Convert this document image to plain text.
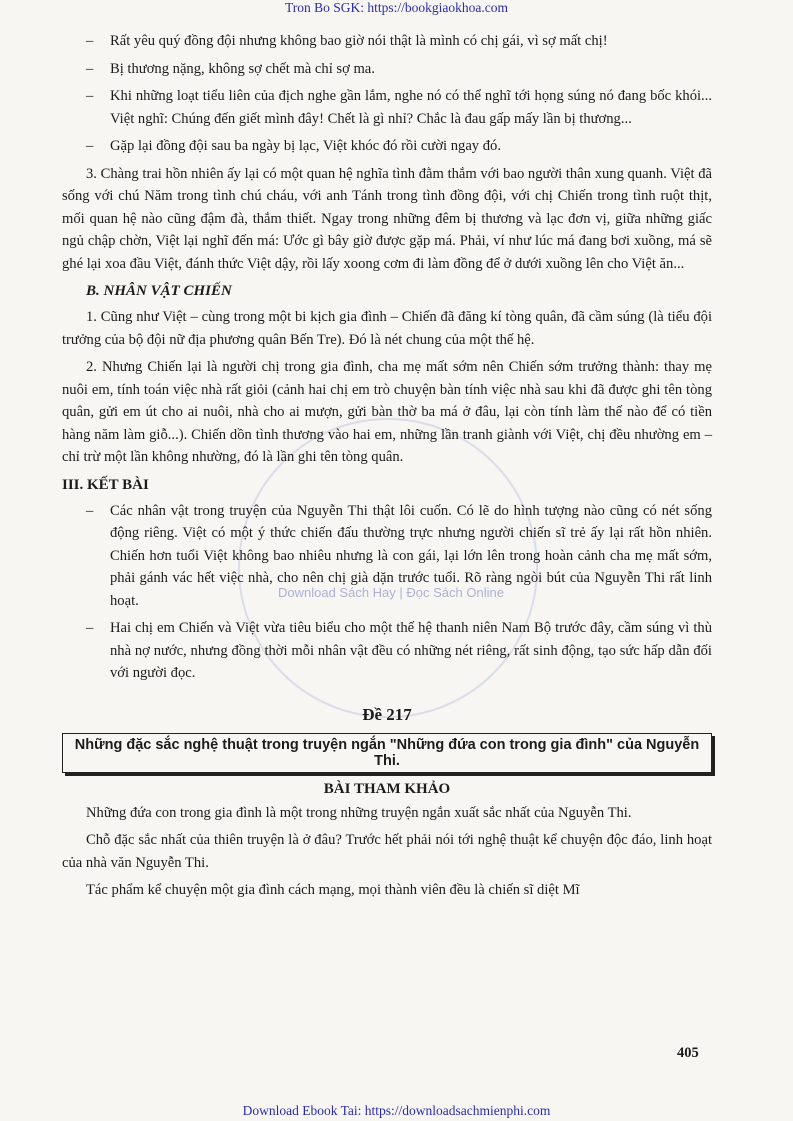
Tron Bo SGK: https://bookgiaokhoa.com
Download Sách Hay | Đọc Sách Online

– Rất yêu quý đồng đội nhưng không bao giờ nói thật là mình có chị gái, vì sợ mất chị!

– Bị thương nặng, không sợ chết mà chỉ sợ ma.

– Khi những loạt tiểu liên của địch nghe gần lắm, nghe nó có thể nghĩ tới họng súng nó đang bốc khói... Việt nghĩ: Chúng đến giết mình đây! Chết là gì nhỉ? Chắc là đau gấp mấy lần bị thương...

– Gặp lại đồng đội sau ba ngày bị lạc, Việt khóc đó rồi cười ngay đó.

3. Chàng trai hồn nhiên ấy lại có một quan hệ nghĩa tình đằm thắm với bao người thân xung quanh. Việt đã sống với chú Năm trong tình chú cháu, với anh Tánh trong tình đồng đội, với chị Chiến trong tình ruột thịt, mối quan hệ nào cũng đậm đà, thắm thiết. Ngay trong những đêm bị thương và lạc đơn vị, giữa những giấc ngủ chập chờn, Việt lại nghĩ đến má: Ước gì bây giờ được gặp má. Phải, ví như lúc má đang bơi xuồng, má sẽ ghé lại xoa đầu Việt, đánh thức Việt dậy, rồi lấy xoong cơm đi làm đồng để ở dưới xuồng lên cho Việt ăn...

B. NHÂN VẬT CHIẾN

1. Cũng như Việt – cùng trong một bi kịch gia đình – Chiến đã đăng kí tòng quân, đã cầm súng (là tiểu đội trưởng của bộ đội nữ địa phương quân Bến Tre). Đó là nét chung của một thế hệ.

2. Nhưng Chiến lại là người chị trong gia đình, cha mẹ mất sớm nên Chiến sớm trưởng thành: thay mẹ nuôi em, tính toán việc nhà rất giỏi (cảnh hai chị em trò chuyện bàn tính việc nhà sau khi đã được ghi tên tòng quân, gửi em út cho ai nuôi, nhà cho ai mượn, gửi bàn thờ ba má ở đâu, lại còn tính làm thế nào để có tiền hàng năm làm giỗ...). Chiến dồn tình thương vào hai em, những lần tranh giành với Việt, chị đều nhường em – chỉ trừ một lần không nhường, đó là lần ghi tên tòng quân.

III. KẾT BÀI

– Các nhân vật trong truyện của Nguyễn Thi thật lôi cuốn. Có lẽ do hình tượng nào cũng có nét sống động riêng. Việt có một ý thức chiến đấu thường trực nhưng người chiến sĩ trẻ ấy lại rất hồn nhiên. Chiến hơn tuổi Việt không bao nhiêu nhưng là con gái, lại lớn lên trong hoàn cảnh cha mẹ mất sớm, phải gánh vác hết việc nhà, cho nên chị già dặn trước tuổi. Rõ ràng ngòi bút của Nguyễn Thi rất linh hoạt.

– Hai chị em Chiến và Việt vừa tiêu biểu cho một thế hệ thanh niên Nam Bộ trước đây, cầm súng vì thù nhà nợ nước, nhưng đồng thời mỗi nhân vật đều có những nét riêng, rất sinh động, tạo sức hấp dẫn đối với người đọc.

Đề 217
Những đặc sắc nghệ thuật trong truyện ngắn "Những đứa con trong gia đình" của Nguyễn Thi.
BÀI THAM KHẢO

Những đứa con trong gia đình là một trong những truyện ngắn xuất sắc nhất của Nguyễn Thi.

Chỗ đặc sắc nhất của thiên truyện là ở đâu? Trước hết phải nói tới nghệ thuật kể chuyện độc đáo, linh hoạt của nhà văn Nguyễn Thi.

Tác phẩm kể chuyện một gia đình cách mạng, mọi thành viên đều là chiến sĩ diệt Mĩ

405
Download Ebook Tai: https://downloadsachmienphi.com
